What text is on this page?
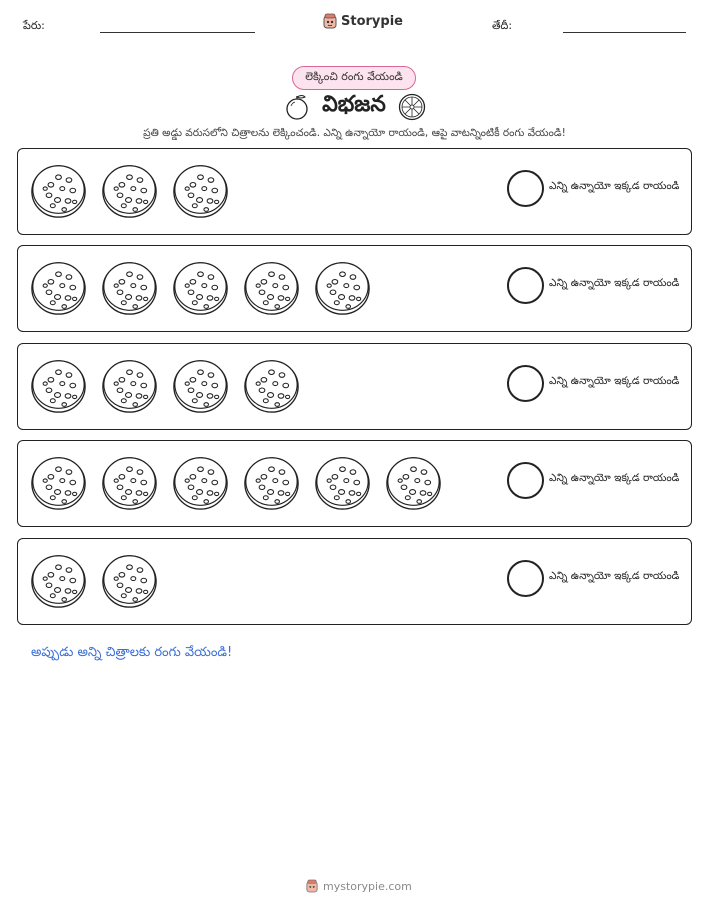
పేరు:	Storypie	తేదీ:
లెక్కించి రంగు వేయండి
విభజన
ప్రతి అడ్డు వరుసలోని చిత్రాలను లెక్కించండి. ఎన్ని ఉన్నాయో రాయండి, ఆపై వాటన్నింటికీ రంగు వేయండి!
ఎన్ని ఉన్నాయో ఇక్కడ రాయండి
ఎన్ని ఉన్నాయో ఇక్కడ రాయండి
ఎన్ని ఉన్నాయో ఇక్కడ రాయండి
ఎన్ని ఉన్నాయో ఇక్కడ రాయండి
ఎన్ని ఉన్నాయో ఇక్కడ రాయండి
అప్పుడు అన్ని చిత్రాలకు రంగు వేయండి!
mystorypie.com
